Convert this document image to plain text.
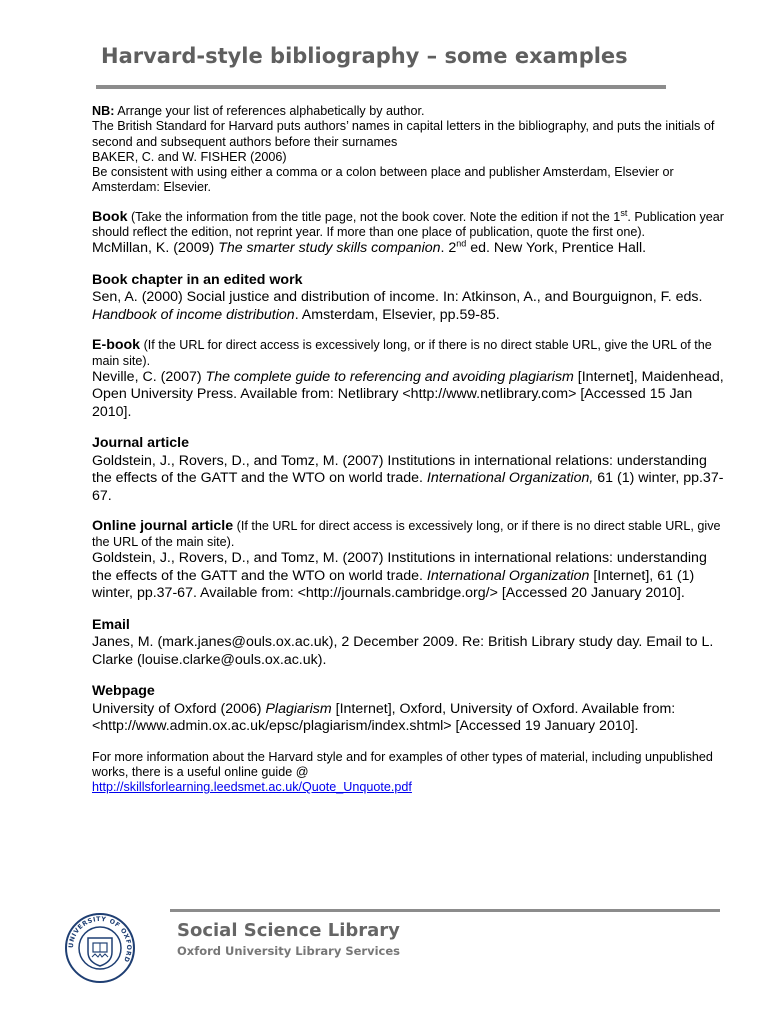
Harvard-style bibliography – some examples

NB: Arrange your list of references alphabetically by author.

The British Standard for Harvard puts authors’ names in capital letters in the bibliography, and puts the initials of second and subsequent authors before their surnames

BAKER, C. and W. FISHER (2006)

Be consistent with using either a comma or a colon between place and publisher Amsterdam, Elsevier or Amsterdam: Elsevier.

Book (Take the information from the title page, not the book cover. Note the edition if not the 1st. Publication year should reflect the edition, not reprint year. If more than one place of publication, quote the first one).

McMillan, K. (2009) The smarter study skills companion. 2nd ed. New York, Prentice Hall.

Book chapter in an edited work

Sen, A. (2000) Social justice and distribution of income. In: Atkinson, A., and Bourguignon, F. eds. Handbook of income distribution. Amsterdam, Elsevier, pp.59-85.

E-book (If the URL for direct access is excessively long, or if there is no direct stable URL, give the URL of the main site).

Neville, C. (2007) The complete guide to referencing and avoiding plagiarism [Internet], Maidenhead, Open University Press. Available from: Netlibrary <http://www.netlibrary.com> [Accessed 15 Jan 2010].

Journal article

Goldstein, J., Rovers, D., and Tomz, M. (2007) Institutions in international relations: understanding the effects of the GATT and the WTO on world trade. International Organization, 61 (1) winter, pp.37-67.

Online journal article (If the URL for direct access is excessively long, or if there is no direct stable URL, give the URL of the main site).

Goldstein, J., Rovers, D., and Tomz, M. (2007) Institutions in international relations: understanding the effects of the GATT and the WTO on world trade. International Organization [Internet], 61 (1) winter, pp.37-67. Available from: <http://journals.cambridge.org/> [Accessed 20 January 2010].

Email

Janes, M. (mark.janes@ouls.ox.ac.uk), 2 December 2009. Re: British Library study day. Email to L. Clarke (louise.clarke@ouls.ox.ac.uk).

Webpage

University of Oxford (2006) Plagiarism [Internet], Oxford, University of Oxford. Available from: <http://www.admin.ox.ac.uk/epsc/plagiarism/index.shtml> [Accessed 19 January 2010].

For more information about the Harvard style and for examples of other types of material, including unpublished works, there is a useful online guide @

http://skillsforlearning.leedsmet.ac.uk/Quote_Unquote.pdf

UNIVERSITY OF OXFORD
Social Science Library
Oxford University Library Services
